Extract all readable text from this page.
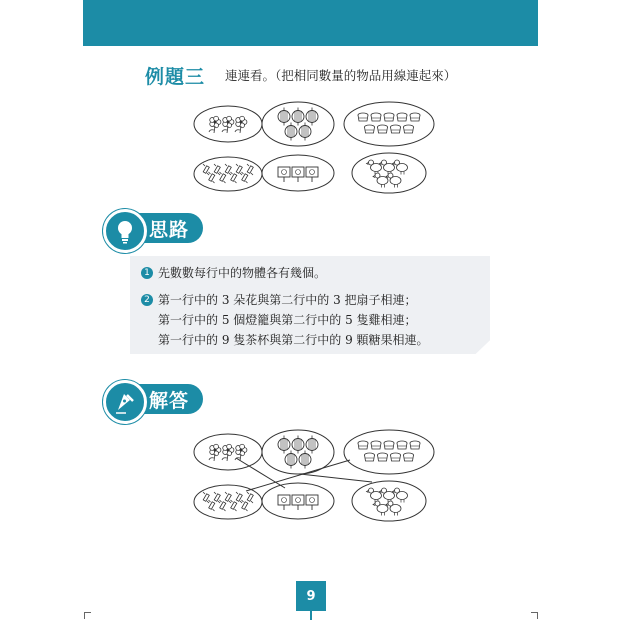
例題三 連連看。（把相同數量的物品用線連起來）
思路
1 先數數每行中的物體各有幾個。
2 第一行中的 3 朵花與第二行中的 3 把扇子相連；
第一行中的 5 個燈籠與第二行中的 5 隻雞相連；
第一行中的 9 隻茶杯與第二行中的 9 顆糖果相連。
解答
9
